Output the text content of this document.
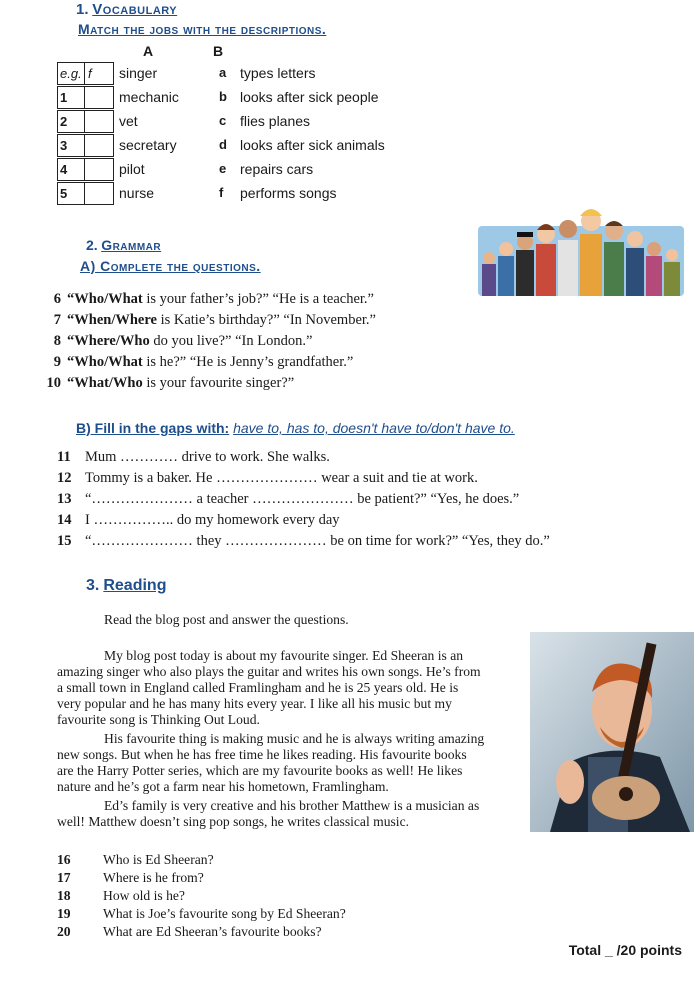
1. Vocabulary
Match the jobs with the descriptions.
A	B
e.g. f	singer	a types letters
1	mechanic	b looks after sick people
2	vet	c flies planes
3	secretary	d looks after sick animals
4	pilot	e repairs cars
5	nurse	f performs songs
2. Grammar
A) Complete the questions.
6 “Who/What is your father’s job?” “He is a teacher.”
7 “When/Where is Katie’s birthday?” “In November.”
8 “Where/Who do you live?” “In London.”
9 “Who/What is he?” “He is Jenny’s grandfather.”
10 “What/Who is your favourite singer?”
B) Fill in the gaps with: have to, has to, doesn't have to/don't have to.
11 Mum ………… drive to work. She walks.
12 Tommy is a baker. He ………………… wear a suit and tie at work.
13 “………………… a teacher ………………… be patient?” “Yes, he does.”
14 I …………….. do my homework every day
15 “………………… they ………………… be on time for work?” “Yes, they do.”
3. Reading
Read the blog post and answer the questions.
My blog post today is about my favourite singer. Ed Sheeran is an
amazing singer who also plays the guitar and writes his own songs. He’s from
a small town in England called Framlingham and he is 25 years old. He is
very popular and he has many hits every year. I like all his music but my
favourite song is Thinking Out Loud.
His favourite thing is making music and he is always writing amazing
new songs. But when he has free time he likes reading. His favourite books
are the Harry Potter series, which are my favourite books as well! He likes
nature and he’s got a farm near his hometown, Framlingham.
Ed’s family is very creative and his brother Matthew is a musician as
well! Matthew doesn’t sing pop songs, he writes classical music.
16 Who is Ed Sheeran?
17 Where is he from?
18 How old is he?
19 What is Joe’s favourite song by Ed Sheeran?
20 What are Ed Sheeran’s favourite books?
Total _ /20 points
